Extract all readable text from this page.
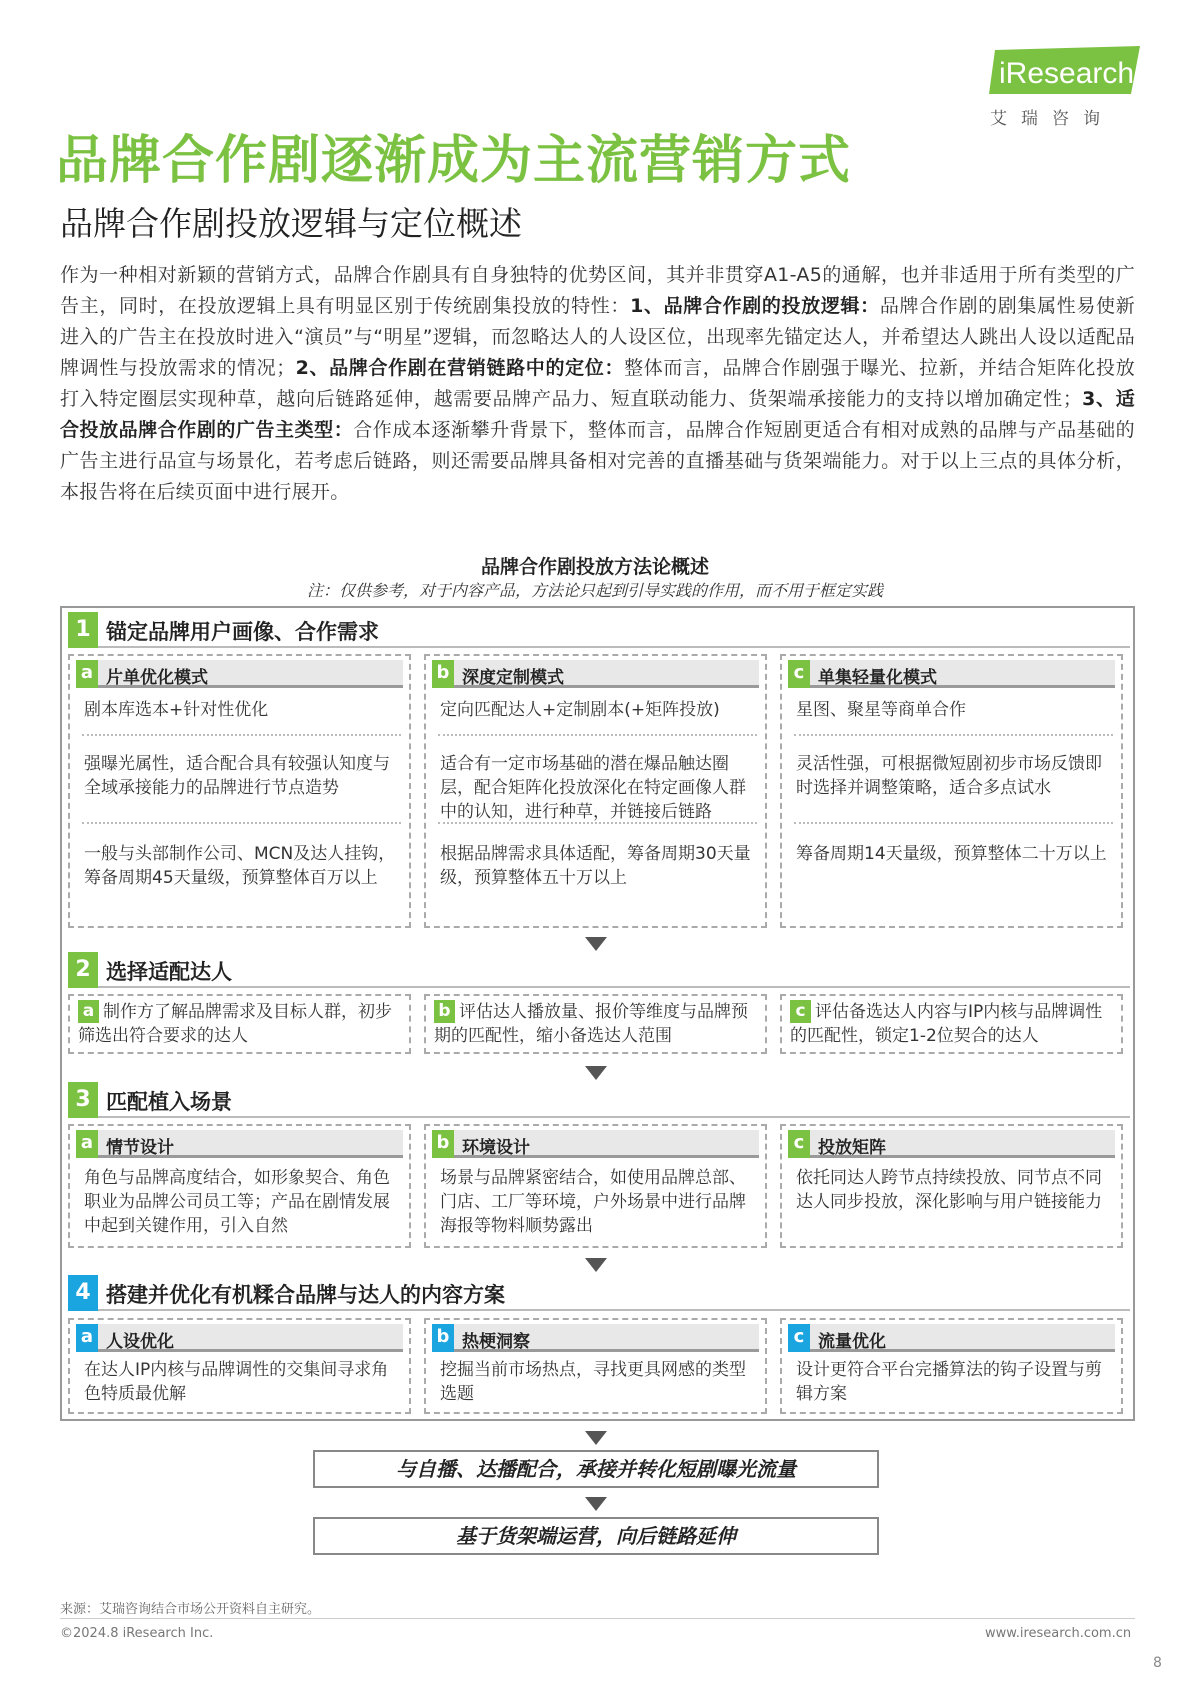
iResearch
艾瑞咨询
品牌合作剧逐渐成为主流营销方式
品牌合作剧投放逻辑与定位概述
作为一种相对新颖的营销方式，品牌合作剧具有自身独特的优势区间，其并非贯穿A1-A5的通解，也并非适用于所有类型的广告主，同时，在投放逻辑上具有明显区别于传统剧集投放的特性：1、品牌合作剧的投放逻辑：品牌合作剧的剧集属性易使新进入的广告主在投放时进入“演员”与“明星”逻辑，而忽略达人的人设区位，出现率先锚定达人，并希望达人跳出人设以适配品牌调性与投放需求的情况；2、品牌合作剧在营销链路中的定位：整体而言，品牌合作剧强于曝光、拉新，并结合矩阵化投放打入特定圈层实现种草，越向后链路延伸，越需要品牌产品力、短直联动能力、货架端承接能力的支持以增加确定性；3、适合投放品牌合作剧的广告主类型：合作成本逐渐攀升背景下，整体而言，品牌合作短剧更适合有相对成熟的品牌与产品基础的广告主进行品宣与场景化，若考虑后链路，则还需要品牌具备相对完善的直播基础与货架端能力。对于以上三点的具体分析，本报告将在后续页面中进行展开。
品牌合作剧投放方法论概述
注：仅供参考，对于内容产品，方法论只起到引导实践的作用，而不用于框定实践
1 锚定品牌用户画像、合作需求
a 片单优化模式
剧本库选本+针对性优化
强曝光属性，适合配合具有较强认知度与全域承接能力的品牌进行节点造势
一般与头部制作公司、MCN及达人挂钩，筹备周期45天量级，预算整体百万以上
b 深度定制模式
定向匹配达人+定制剧本(+矩阵投放)
适合有一定市场基础的潜在爆品触达圈层，配合矩阵化投放深化在特定画像人群中的认知，进行种草，并链接后链路
根据品牌需求具体适配，筹备周期30天量级，预算整体五十万以上
c 单集轻量化模式
星图、聚星等商单合作
灵活性强，可根据微短剧初步市场反馈即时选择并调整策略，适合多点试水
筹备周期14天量级，预算整体二十万以上
2 选择适配达人
a 制作方了解品牌需求及目标人群，初步筛选出符合要求的达人
b 评估达人播放量、报价等维度与品牌预期的匹配性，缩小备选达人范围
c 评估备选达人内容与IP内核与品牌调性的匹配性，锁定1-2位契合的达人
3 匹配植入场景
a 情节设计
角色与品牌高度结合，如形象契合、角色职业为品牌公司员工等；产品在剧情发展中起到关键作用，引入自然
b 环境设计
场景与品牌紧密结合，如使用品牌总部、门店、工厂等环境，户外场景中进行品牌海报等物料顺势露出
c 投放矩阵
依托同达人跨节点持续投放、同节点不同达人同步投放，深化影响与用户链接能力
4 搭建并优化有机糅合品牌与达人的内容方案
a 人设优化
在达人IP内核与品牌调性的交集间寻求角色特质最优解
b 热梗洞察
挖掘当前市场热点，寻找更具网感的类型选题
c 流量优化
设计更符合平台完播算法的钩子设置与剪辑方案
与自播、达播配合，承接并转化短剧曝光流量
基于货架端运营，向后链路延伸
来源：艾瑞咨询结合市场公开资料自主研究。
©2024.8 iResearch Inc.	www.iresearch.com.cn
8
